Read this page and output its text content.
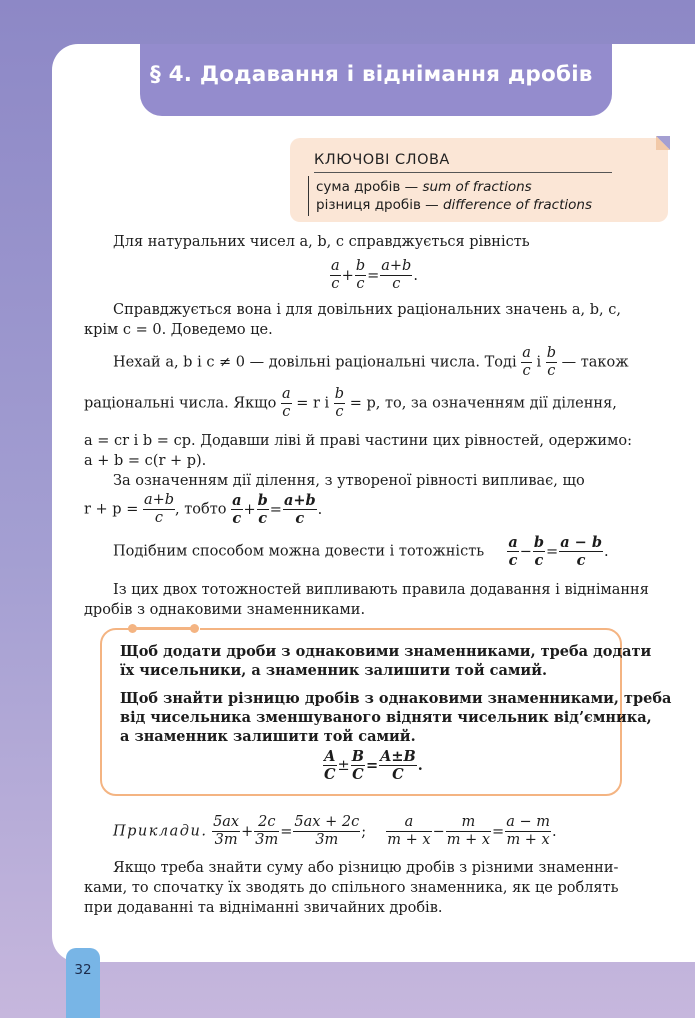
§ 4. Додавання і віднімання дробів
КЛЮЧОВІ СЛОВА
сума дробів — sum of fractions
різниця дробів — difference of fractions
Для натуральних чисел a, b, c справджується рівність
$\frac{a}{c} + \frac{b}{c} = \frac{a+b}{c}$ .
Справджується вона і для довільних раціональних значень a, b, c,
крім c = 0. Доведемо це.
Нехай a, b і c ≠ 0 — довільні раціональні числа. Тоді $\frac{a}{c}$ і $\frac{b}{c}$ — також
раціональні числа. Якщо $\frac{a}{c} = r$ і $\frac{b}{c} = p$, то, за означенням дії ділення,
a = cr і b = cp. Додавши ліві й праві частини цих рівностей, одержимо:
a + b = c(r + p).
За означенням дії ділення, з утвореної рівності випливає, що
$r + p = \frac{a+b}{c}$ , тобто $\frac{a}{c} + \frac{b}{c} = \frac{a+b}{c}$ .
Подібним способом можна довести і тотожність $\frac{a}{c} - \frac{b}{c} = \frac{a - b}{c}$ .
Із цих двох тотожностей випливають правила додавання і віднімання
дробів з однаковими знаменниками.
Щоб додати дроби з однаковими знаменниками, треба додати
їх чисельники, а знаменник залишити той самий.
Щоб знайти різницю дробів з однаковими знаменниками, треба
від чисельника зменшуваного відняти чисельник від’ємника,
а знаменник залишити той самий.
$\frac{A}{C} \pm \frac{B}{C} = \frac{A\pm B}{C}$ .
Приклади. $\frac{5ax}{3m} + \frac{2c}{3m} = \frac{5ax + 2c}{3m}$ ; $\frac{a}{m + x} - \frac{m}{m + x} = \frac{a - m}{m + x}$ .
Якщо треба знайти суму або різницю дробів з різними знаменни-
ками, то спочатку їх зводять до спільного знаменника, як це роблять
при додаванні та відніманні звичайних дробів.
32
